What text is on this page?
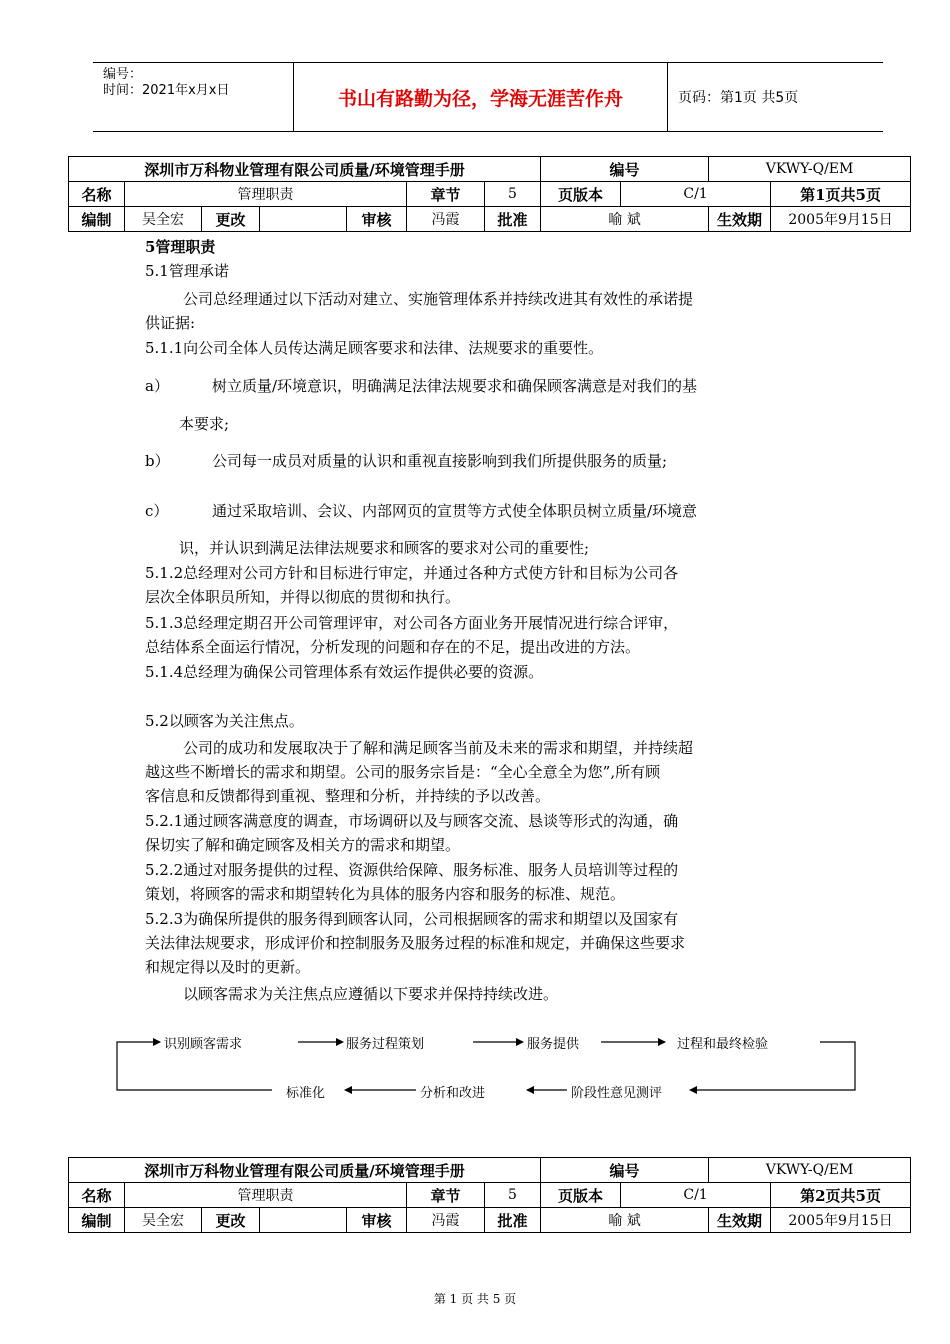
编号：
时间：2021年x月x日	书山有路勤为径，学海无涯苦作舟	页码：第1页 共5页
深圳市万科物业管理有限公司质量/环境管理手册							编号		VKWY-Q/EM	
名称	管理职责				章节	5	页版本	C/1		第1页共5页
编制	吴全宏	更改		审核	冯霞	批准	喻 斌		生效期	2005年9月15日
5管理职责
5.1管理承诺
公司总经理通过以下活动对建立、实施管理体系并持续改进其有效性的承诺提
供证据:
5.1.1向公司全体人员传达满足顾客要求和法律、法规要求的重要性。
a）	树立质量/环境意识，明确满足法律法规要求和确保顾客满意是对我们的基
本要求;
b）	公司每一成员对质量的认识和重视直接影响到我们所提供服务的质量;
c）	通过采取培训、会议、内部网页的宣贯等方式使全体职员树立质量/环境意
识，并认识到满足法律法规要求和顾客的要求对公司的重要性;
5.1.2总经理对公司方针和目标进行审定，并通过各种方式使方针和目标为公司各
层次全体职员所知，并得以彻底的贯彻和执行。
5.1.3总经理定期召开公司管理评审，对公司各方面业务开展情况进行综合评审，
总结体系全面运行情况，分析发现的问题和存在的不足，提出改进的方法。
5.1.4总经理为确保公司管理体系有效运作提供必要的资源。
5.2以顾客为关注焦点。
公司的成功和发展取决于了解和满足顾客当前及未来的需求和期望，并持续超
越这些不断增长的需求和期望。公司的服务宗旨是：“全心全意全为您”,所有顾
客信息和反馈都得到重视、整理和分析，并持续的予以改善。
5.2.1通过顾客满意度的调查，市场调研以及与顾客交流、恳谈等形式的沟通，确
保切实了解和确定顾客及相关方的需求和期望。
5.2.2通过对服务提供的过程、资源供给保障、服务标准、服务人员培训等过程的
策划，将顾客的需求和期望转化为具体的服务内容和服务的标准、规范。
5.2.3为确保所提供的服务得到顾客认同，公司根据顾客的需求和期望以及国家有
关法律法规要求，形成评价和控制服务及服务过程的标准和规定，并确保这些要求
和规定得以及时的更新。
以顾客需求为关注焦点应遵循以下要求并保持持续改进。
识别顾客需求	服务过程策划	服务提供	过程和最终检验
阶段性意见测评
分析和改进
标准化
深圳市万科物业管理有限公司质量/环境管理手册							编号		VKWY-Q/EM	
名称	管理职责				章节	5	页版本	C/1		第2页共5页
编制	吴全宏	更改		审核	冯霞	批准	喻 斌		生效期	2005年9月15日
第 1 页 共 5 页
